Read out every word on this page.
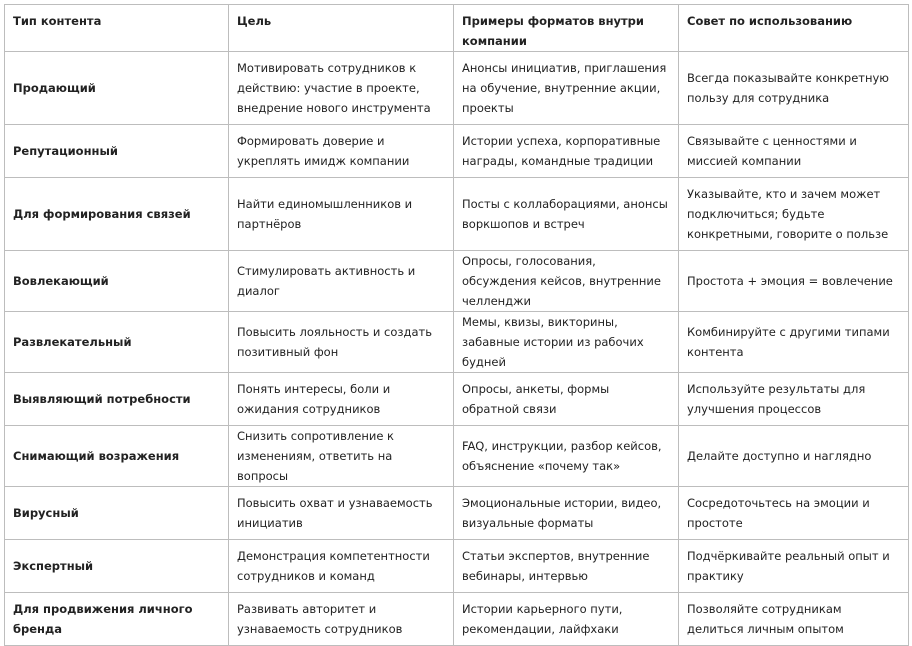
Тип контента	Цель	Примеры форматов внутри компании	Совет по использованию
Продающий	Мотивировать сотрудников к действию: участие в проекте, внедрение нового инструмента	Анонсы инициатив, приглашения на обучение, внутренние акции, проекты	Всегда показывайте конкретную пользу для сотрудника
Репутационный	Формировать доверие и укреплять имидж компании	Истории успеха, корпоративные награды, командные традиции	Связывайте с ценностями и миссией компании
Для формирования связей	Найти единомышленников и партнёров	Посты с коллаборациями, анонсы воркшопов и встреч	Указывайте, кто и зачем может подключиться; будьте конкретными, говорите о пользе
Вовлекающий	Стимулировать активность и диалог	Опросы, голосования, обсуждения кейсов, внутренние челленджи	Простота + эмоция = вовлечение
Развлекательный	Повысить лояльность и создать позитивный фон	Мемы, квизы, викторины, забавные истории из рабочих будней	Комбинируйте с другими типами контента
Выявляющий потребности	Понять интересы, боли и ожидания сотрудников	Опросы, анкеты, формы обратной связи	Используйте результаты для улучшения процессов
Снимающий возражения	Снизить сопротивление к изменениям, ответить на вопросы	FAQ, инструкции, разбор кейсов, объяснение «почему так»	Делайте доступно и наглядно
Вирусный	Повысить охват и узнаваемость инициатив	Эмоциональные истории, видео, визуальные форматы	Сосредоточьтесь на эмоции и простоте
Экспертный	Демонстрация компетентности сотрудников и команд	Статьи экспертов, внутренние вебинары, интервью	Подчёркивайте реальный опыт и практику
Для продвижения личного бренда	Развивать авторитет и узнаваемость сотрудников	Истории карьерного пути, рекомендации, лайфхаки	Позволяйте сотрудникам делиться личным опытом
